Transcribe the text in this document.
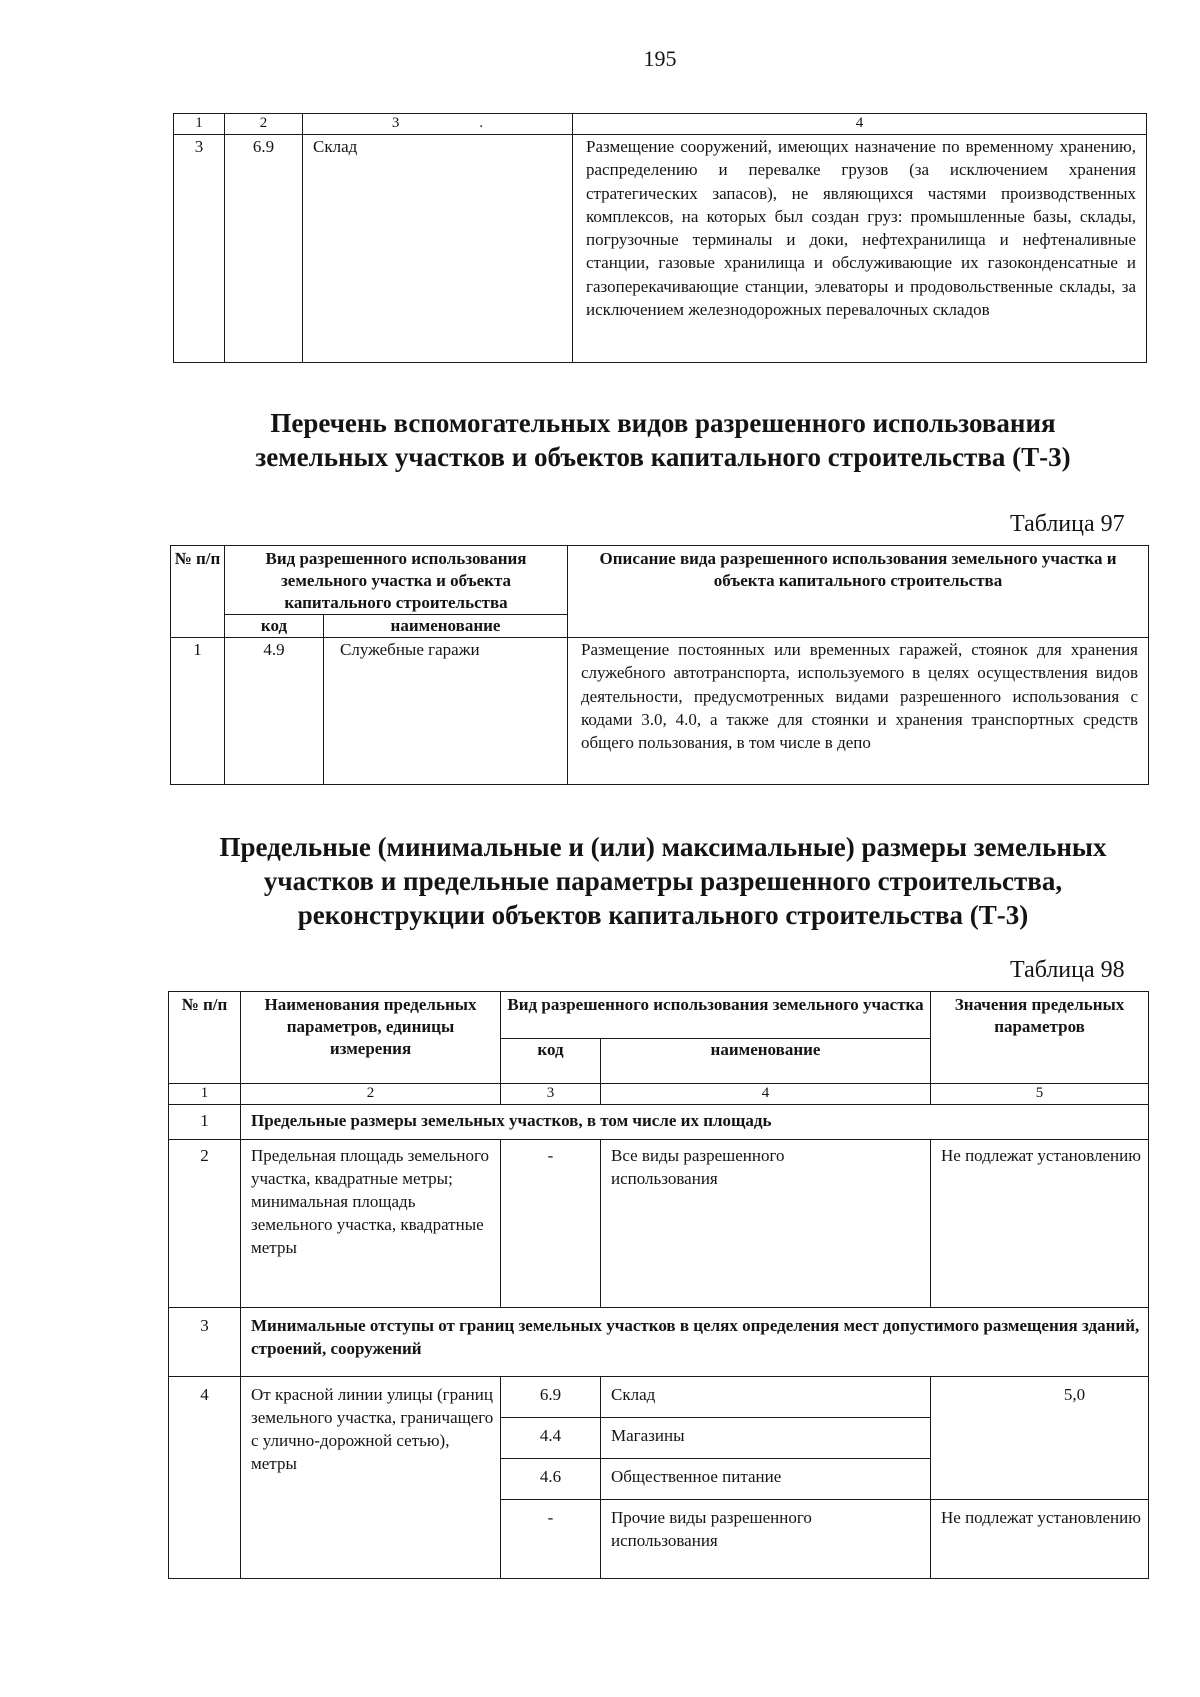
195
1	2	3 .	4
3	6.9	Склад	Размещение сооружений, имеющих назначение по временному хранению, распределению и перевалке грузов (за исключением хранения стратегических запасов), не являющихся частями производственных комплексов, на которых был создан груз: промышленные базы, склады, погрузочные терминалы и доки, нефтехранилища и нефтеналивные станции, газовые хранилища и обслуживающие их газоконденсатные и газоперекачивающие станции, элеваторы и продовольственные склады, за исключением железнодорожных перевалочных складов
Перечень вспомогательных видов разрешенного использования
земельных участков и объектов капитального строительства (Т-3)
Таблица 97
№ п/п	Вид разрешенного использования земельного участка и объекта капитального строительства		Описание вида разрешенного использования земельного участка и объекта капитального строительства
	код	наименование	
1	4.9	Служебные гаражи	Размещение постоянных или временных гаражей, стоянок для хранения служебного автотранспорта, используемого в целях осуществления видов деятельности, предусмотренных видами разрешенного использования с кодами 3.0, 4.0, а также для стоянки и хранения транспортных средств общего пользования, в том числе в депо
Предельные (минимальные и (или) максимальные) размеры земельных
участков и предельные параметры разрешенного строительства,
реконструкции объектов капитального строительства (Т-3)
Таблица 98
№ п/п	Наименования предельных параметров, единицы измерения	Вид разрешенного использования земельного участка		Значения предельных параметров
		код	наименование	
1	2	3	4	5
1	Предельные размеры земельных участков, в том числе их площадь			
2	Предельная площадь земельного участка, квадратные метры; минимальная площадь земельного участка, квадратные метры	-	Все виды разрешенного использования	Не подлежат установлению
3	Минимальные отступы от границ земельных участков в целях определения мест допустимого размещения зданий, строений, сооружений			
4	От красной линии улицы (границ земельного участка, граничащего с улично-дорожной сетью), метры	6.9	Склад	5,0
		4.4	Магазины	
		4.6	Общественное питание	
		-	Прочие виды разрешенного использования	Не подлежат установлению
